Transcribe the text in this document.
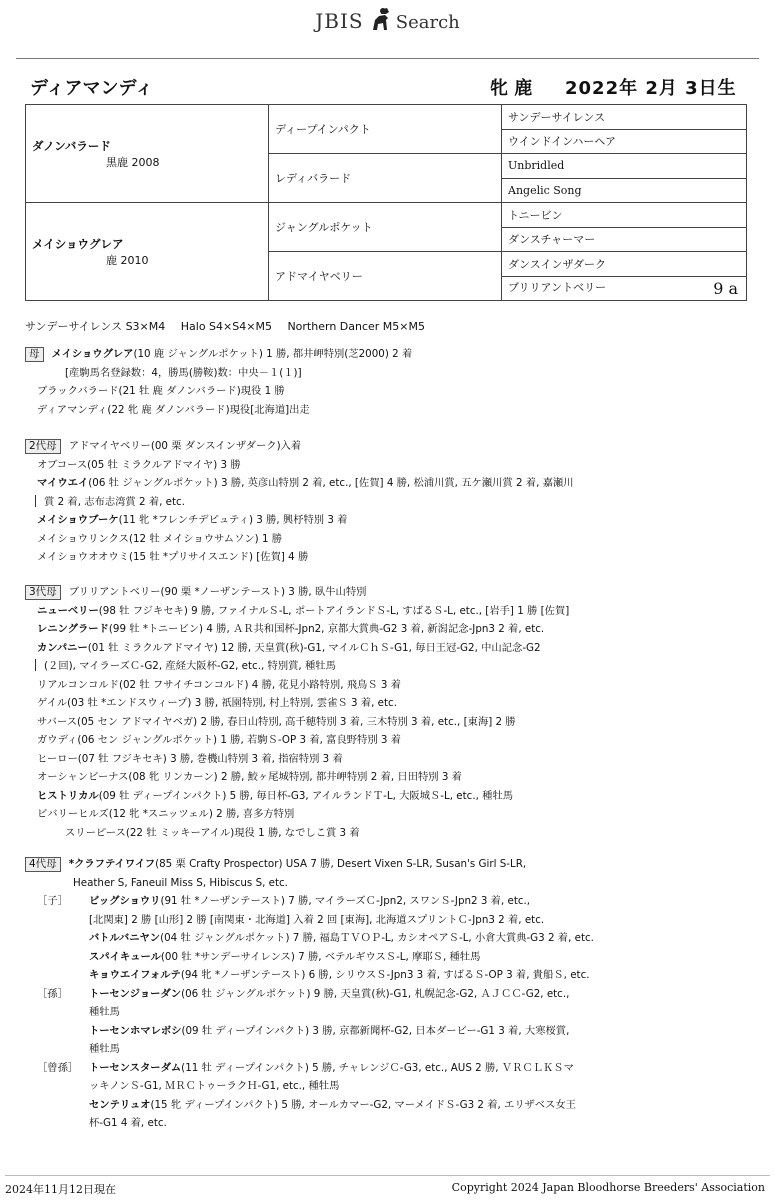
JBIS Search
ディアマンディ	牝 鹿 2022年 2月 3日生
ダノンバラード
黒鹿 2008	ディープインパクト	サンデーサイレンス
		ウインドインハーヘア
	レディバラード	Unbridled
		Angelic Song

メイショウグレア
鹿 2010	ジャングルポケット	トニービン
		ダンスチャーマー
	アドマイヤベリー	ダンスインザダーク
		ブリリアントベリー 9 a
サンデーサイレンス S3×M4 Halo S4×S4×M5 Northern Dancer M5×M5
母 メイショウグレア(10 鹿 ジャングルポケット) 1 勝, 都井岬特別(芝2000) 2 着
[産駒馬名登録数：4，勝馬(勝鞍)数：中央－１(１)]
ブラックバラード(21 牡 鹿 ダノンバラード)現役 1 勝
ディアマンディ(22 牝 鹿 ダノンバラード)現役[北海道]出走
2代母 アドマイヤベリー(00 栗 ダンスインザダーク)入着
オブコース(05 牡 ミラクルアドマイヤ) 3 勝
マイウエイ(06 牡 ジャングルポケット) 3 勝, 英彦山特別 2 着, etc., [佐賀] 4 勝, 松浦川賞, 五ケ瀬川賞 2 着, 嘉瀬川
賞 2 着, 志布志湾賞 2 着, etc.
メイショウブーケ(11 牝 *フレンチデピュティ) 3 勝, 興杼特別 3 着
メイショウリンクス(12 牡 メイショウサムソン) 1 勝
メイショウオオウミ(15 牡 *プリサイスエンド) [佐賀] 4 勝
3代母 ブリリアントベリー(90 栗 *ノーザンテースト) 3 勝, 臥牛山特別
ニューベリー(98 牡 フジキセキ) 9 勝, ファイナルＳ-L, ポートアイランドＳ-L, すばるＳ-L, etc., [岩手] 1 勝 [佐賀]
レニングラード(99 牡 *トニービン) 4 勝, ＡＲ共和国杯-Jpn2, 京都大賞典-G2 3 着, 新潟記念-Jpn3 2 着, etc.
カンパニー(01 牡 ミラクルアドマイヤ) 12 勝, 天皇賞(秋)-G1, マイルＣｈＳ-G1, 毎日王冠-G2, 中山記念-G2
(２回), マイラーズＣ-G2, 産経大阪杯-G2, etc., 特別賞, 種牡馬
リアルコンコルド(02 牡 フサイチコンコルド) 4 勝, 花見小路特別, 飛鳥Ｓ 3 着
ゲイル(03 牡 *エンドスウィープ) 3 勝, 祇園特別, 村上特別, 雲雀Ｓ 3 着, etc.
サバース(05 セン アドマイヤベガ) 2 勝, 春日山特別, 高千穂特別 3 着, 三木特別 3 着, etc., [東海] 2 勝
ガウディ(06 セン ジャングルポケット) 1 勝, 若駒Ｓ-OP 3 着, 富良野特別 3 着
ヒーロー(07 牡 フジキセキ) 3 勝, 巻機山特別 3 着, 指宿特別 3 着
オーシャンビーナス(08 牝 リンカーン) 2 勝, 鮫ヶ尾城特別, 都井岬特別 2 着, 日田特別 3 着
ヒストリカル(09 牡 ディープインパクト) 5 勝, 毎日杯-G3, アイルランドＴ-L, 大阪城Ｓ-L, etc., 種牡馬
ビバリーヒルズ(12 牝 *スニッツェル) 2 勝, 喜多方特別
スリーピース(22 牡 ミッキーアイル)現役 1 勝, なでしこ賞 3 着
4代母 *クラフテイワイフ(85 栗 Crafty Prospector) USA 7 勝, Desert Vixen S-LR, Susan's Girl S-LR,
Heather S, Faneuil Miss S, Hibiscus S, etc.
［子］ ビッグショウリ(91 牡 *ノーザンテースト) 7 勝, マイラーズＣ-Jpn2, スワンＳ-Jpn2 3 着, etc.,
[北関東] 2 勝 [山形] 2 勝 [南関東・北海道] 入着 2 回 [東海], 北海道スプリントＣ-Jpn3 2 着, etc.
バトルバニヤン(04 牡 ジャングルポケット) 7 勝, 福島ＴＶＯＰ-L, カシオペアＳ-L, 小倉大賞典-G3 2 着, etc.
スパイキュール(00 牡 *サンデーサイレンス) 7 勝, ベテルギウスＳ-L, 摩耶Ｓ, 種牡馬
キョウエイフォルテ(94 牝 *ノーザンテースト) 6 勝, シリウスＳ-Jpn3 3 着, すばるＳ-OP 3 着, 貴船Ｓ, etc.
［孫］ トーセンジョーダン(06 牡 ジャングルポケット) 9 勝, 天皇賞(秋)-G1, 札幌記念-G2, ＡＪＣＣ-G2, etc.,
種牡馬
トーセンホマレボシ(09 牡 ディープインパクト) 3 勝, 京都新聞杯-G2, 日本ダービー-G1 3 着, 大寒桜賞,
種牡馬
［曾孫］ トーセンスターダム(11 牡 ディープインパクト) 5 勝, チャレンジＣ-G3, etc., AUS 2 勝, ＶＲＣＬＫＳマ
ッキノンＳ-G1, ＭＲＣトゥーラクＨ-G1, etc., 種牡馬
センテリュオ(15 牝 ディープインパクト) 5 勝, オールカマー-G2, マーメイドＳ-G3 2 着, エリザベス女王
杯-G1 4 着, etc.
2024年11月12日現在	Copyright 2024 Japan Bloodhorse Breeders' Association
